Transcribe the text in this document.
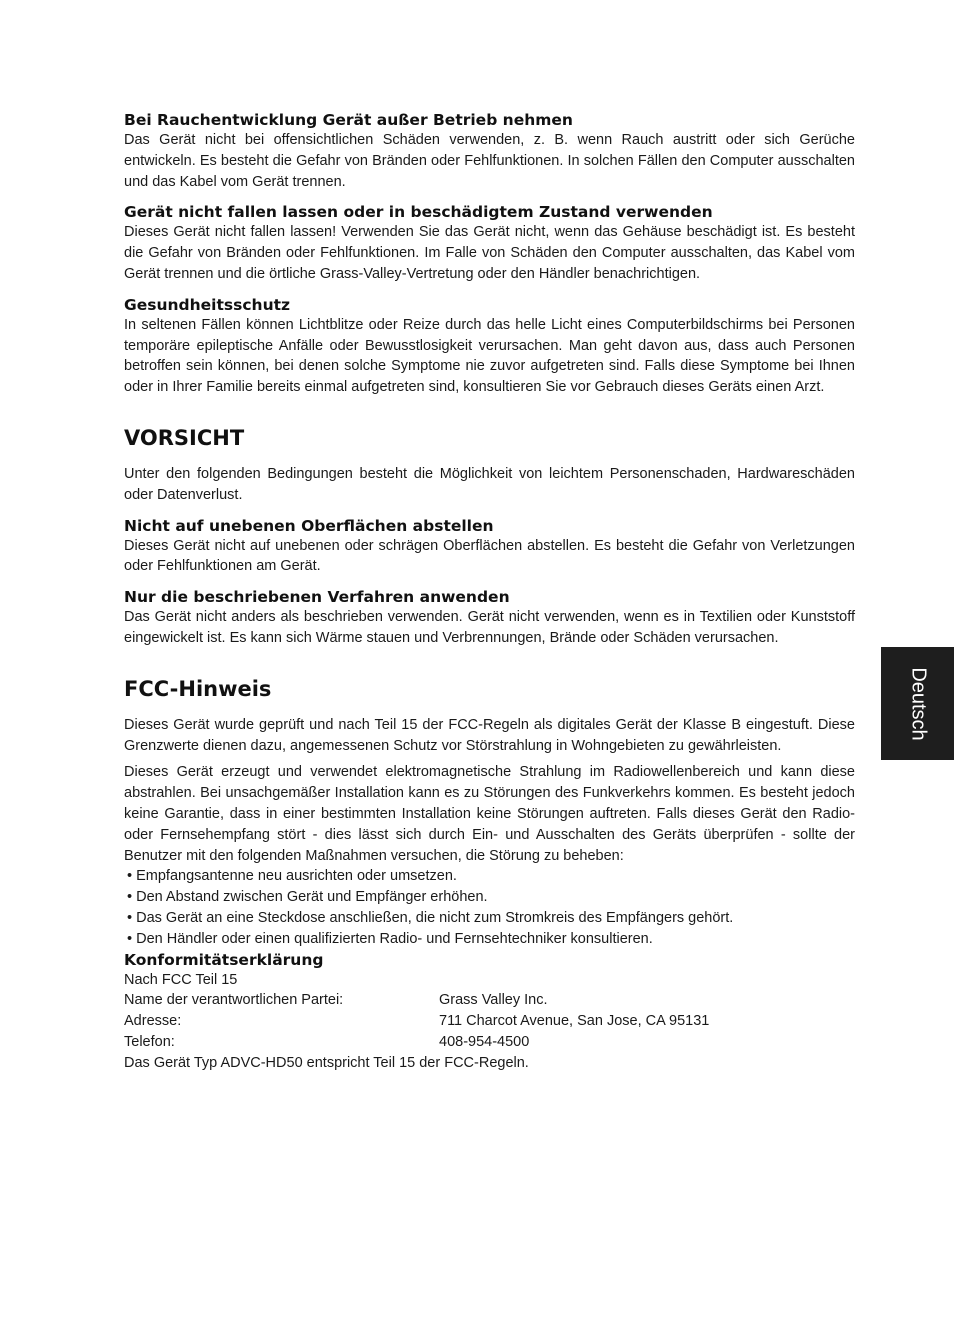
Bei Rauchentwicklung Gerät außer Betrieb nehmen

Das Gerät nicht bei offensichtlichen Schäden verwenden, z. B. wenn Rauch austritt oder sich Gerüche entwickeln. Es besteht die Gefahr von Bränden oder Fehlfunktionen. In solchen Fällen den Computer ausschalten und das Kabel vom Gerät trennen.

Gerät nicht fallen lassen oder in beschädigtem Zustand verwenden

Dieses Gerät nicht fallen lassen! Verwenden Sie das Gerät nicht, wenn das Gehäuse beschädigt ist. Es besteht die Gefahr von Bränden oder Fehlfunktionen. Im Falle von Schäden den Computer ausschalten, das Kabel vom Gerät trennen und die örtliche Grass-Valley-Vertretung oder den Händler benachrichtigen.

Gesundheitsschutz

In seltenen Fällen können Lichtblitze oder Reize durch das helle Licht eines Computerbildschirms bei Personen temporäre epileptische Anfälle oder Bewusstlosigkeit verursachen. Man geht davon aus, dass auch Personen betroffen sein können, bei denen solche Symptome nie zuvor aufgetreten sind. Falls diese Symptome bei Ihnen oder in Ihrer Familie bereits einmal aufgetreten sind, konsultieren Sie vor Gebrauch dieses Geräts einen Arzt.

VORSICHT

Unter den folgenden Bedingungen besteht die Möglichkeit von leichtem Personenschaden, Hardwareschäden oder Datenverlust.

Nicht auf unebenen Oberflächen abstellen

Dieses Gerät nicht auf unebenen oder schrägen Oberflächen abstellen. Es besteht die Gefahr von Verletzungen oder Fehlfunktionen am Gerät.

Nur die beschriebenen Verfahren anwenden

Das Gerät nicht anders als beschrieben verwenden. Gerät nicht verwenden, wenn es in Textilien oder Kunststoff eingewickelt ist. Es kann sich Wärme stauen und Verbrennungen, Brände oder Schäden verursachen.

FCC-Hinweis

Dieses Gerät wurde geprüft und nach Teil 15 der FCC-Regeln als digitales Gerät der Klasse B eingestuft. Diese Grenzwerte dienen dazu, angemessenen Schutz vor Störstrahlung in Wohngebieten zu gewährleisten.

Dieses Gerät erzeugt und verwendet elektromagnetische Strahlung im Radiowellenbereich und kann diese abstrahlen. Bei unsachgemäßer Installation kann es zu Störungen des Funkverkehrs kommen. Es besteht jedoch keine Garantie, dass in einer bestimmten Installation keine Störungen auftreten. Falls dieses Gerät den Radio- oder Fernsehempfang stört - dies lässt sich durch Ein- und Ausschalten des Geräts überprüfen - sollte der Benutzer mit den folgenden Maßnahmen versuchen, die Störung zu beheben:

• Empfangsantenne neu ausrichten oder umsetzen.
• Den Abstand zwischen Gerät und Empfänger erhöhen.
• Das Gerät an eine Steckdose anschließen, die nicht zum Stromkreis des Empfängers gehört.
• Den Händler oder einen qualifizierten Radio- und Fernsehtechniker konsultieren.
Konformitätserklärung
Nach FCC Teil 15
Name der verantwortlichen Partei:	Grass Valley Inc.
Adresse:	711 Charcot Avenue, San Jose, CA 95131
Telefon:	408-954-4500
Das Gerät Typ ADVC-HD50 entspricht Teil 15 der FCC-Regeln.
Deutsch
